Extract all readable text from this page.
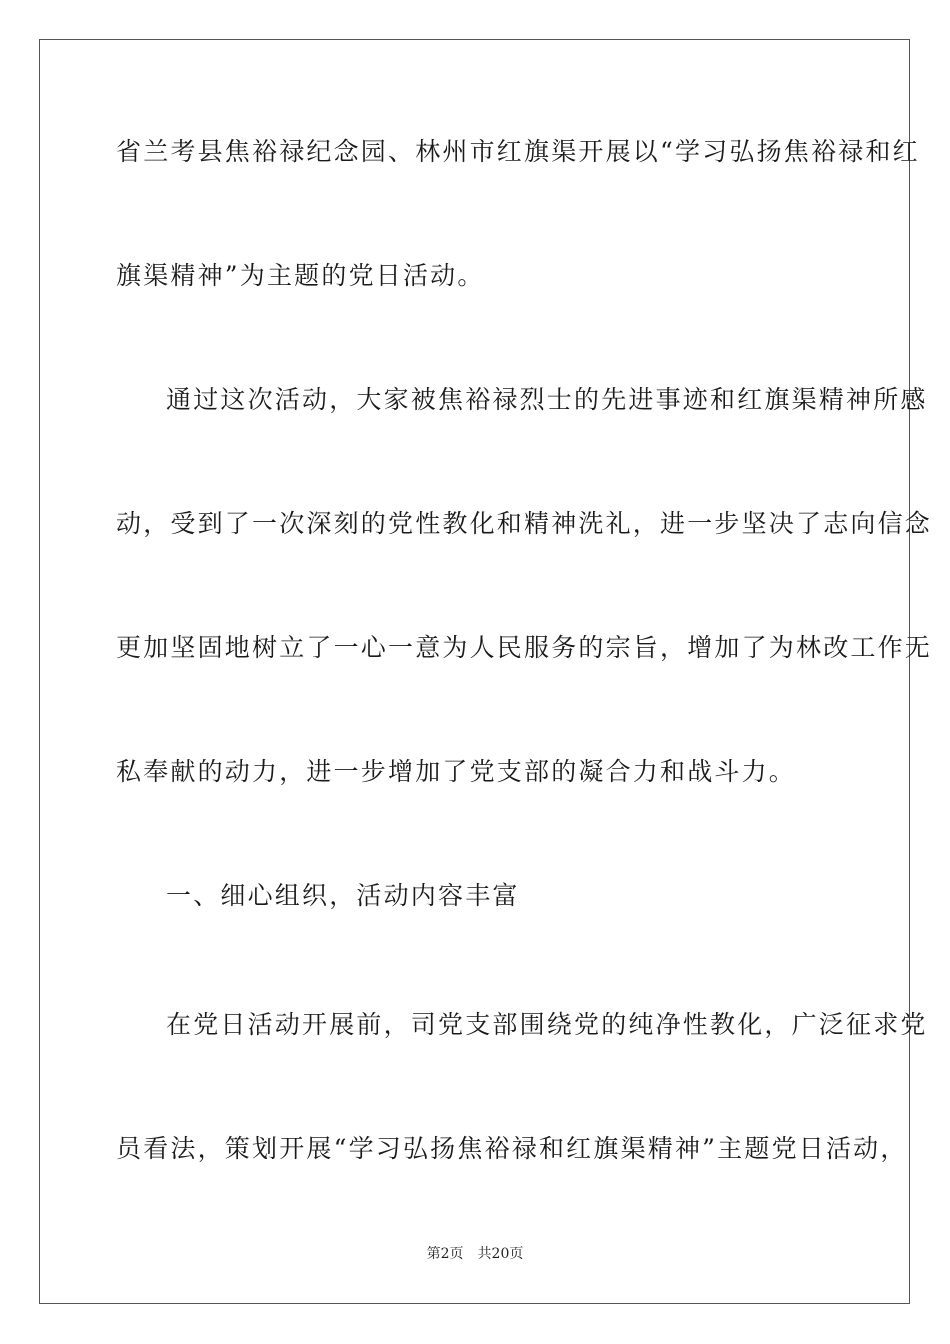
省兰考县焦裕禄纪念园、林州市红旗渠开展以“学习弘扬焦裕禄和红
旗渠精神”为主题的党日活动。
通过这次活动，大家被焦裕禄烈士的先进事迹和红旗渠精神所感
动，受到了一次深刻的党性教化和精神洗礼，进一步坚决了志向信念
更加坚固地树立了一心一意为人民服务的宗旨，增加了为林改工作无
私奉献的动力，进一步增加了党支部的凝合力和战斗力。
一、细心组织，活动内容丰富
在党日活动开展前，司党支部围绕党的纯净性教化，广泛征求党
员看法，策划开展“学习弘扬焦裕禄和红旗渠精神”主题党日活动，
第2页 共20页
